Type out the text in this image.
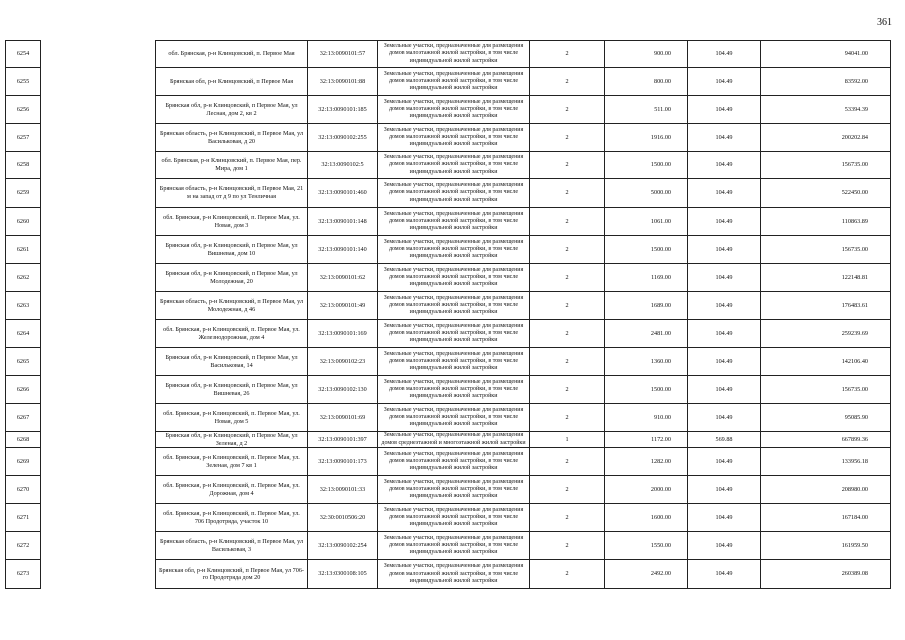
361
6254		обл. Брянская, р-н Клинцовский, п. Первое Мая	32:13:0090101:57	Земельные участки, предназначенные для размещения домов малоэтажной жилой застройки, в том числе индивидуальной жилой застройки	2	900.00	104.49	94041.00
6255		Брянская обл, р-н Клинцовский, п Первое Мая	32:13:0090101:88	Земельные участки, предназначенные для размещения домов малоэтажной жилой застройки, в том числе индивидуальной жилой застройки	2	800.00	104.49	83592.00
6256		Брянская обл, р-н Клинцовский, п Первое Мая, ул Лесная, дом 2, кв 2	32:13:0090101:185	Земельные участки, предназначенные для размещения домов малоэтажной жилой застройки, в том числе индивидуальной жилой застройки	2	511.00	104.49	53394.39
6257		Брянская область, р-н Клинцовский, п Первое Мая, ул Васильковая, д 20	32:13:0090102:255	Земельные участки, предназначенные для размещения домов малоэтажной жилой застройки, в том числе индивидуальной жилой застройки	2	1916.00	104.49	200202.84
6258		обл. Брянская, р-н Клинцовский, п. Первое Мая, пер. Мира, дом 1	32:13:0090102:5	Земельные участки, предназначенные для размещения домов малоэтажной жилой застройки, в том числе индивидуальной жилой застройки	2	1500.00	104.49	156735.00
6259		Брянская область, р-н Клинцовский, п Первое Мая, 21 м на запад от д 9 по ул Тенличная	32:13:0090101:460	Земельные участки, предназначенные для размещения домов малоэтажной жилой застройки, в том числе индивидуальной жилой застройки	2	5000.00	104.49	522450.00
6260		обл. Брянская, р-н Клинцовский, п. Первое Мая, ул. Новая, дом 3	32:13:0090101:148	Земельные участки, предназначенные для размещения домов малоэтажной жилой застройки, в том числе индивидуальной жилой застройки	2	1061.00	104.49	110863.89
6261		Брянская обл, р-н Клинцовский, п Первое Мая, ул Вишневая, дом 10	32:13:0090101:140	Земельные участки, предназначенные для размещения домов малоэтажной жилой застройки, в том числе индивидуальной жилой застройки	2	1500.00	104.49	156735.00
6262		Брянская обл, р-н Клинцовский, п Первое Мая, ул Молодежная, 20	32:13:0090101:62	Земельные участки, предназначенные для размещения домов малоэтажной жилой застройки, в том числе индивидуальной жилой застройки	2	1169.00	104.49	122148.81
6263		Брянская область, р-н Клинцовский, п Первое Мая, ул Молодежная, д 46	32:13:0090101:49	Земельные участки, предназначенные для размещения домов малоэтажной жилой застройки, в том числе индивидуальной жилой застройки	2	1689.00	104.49	176483.61
6264		обл. Брянская, р-н Клинцовский, п. Первое Мая, ул. Железнодорожная, дом 4	32:13:0090101:169	Земельные участки, предназначенные для размещения домов малоэтажной жилой застройки, в том числе индивидуальной жилой застройки	2	2481.00	104.49	259239.69
6265		Брянская обл, р-н Клинцовский, п Первое Мая, ул Васильковая, 14	32:13:0090102:23	Земельные участки, предназначенные для размещения домов малоэтажной жилой застройки, в том числе индивидуальной жилой застройки	2	1360.00	104.49	142106.40
6266		Брянская обл, р-н Клинцовский, п Первое Мая, ул Вишневая, 26	32:13:0090102:130	Земельные участки, предназначенные для размещения домов малоэтажной жилой застройки, в том числе индивидуальной жилой застройки	2	1500.00	104.49	156735.00
6267		обл. Брянская, р-н Клинцовский, п. Первое Мая, ул. Новая, дом 5	32:13:0090101:69	Земельные участки, предназначенные для размещения домов малоэтажной жилой застройки, в том числе индивидуальной жилой застройки	2	910.00	104.49	95085.90
6268		Брянская обл, р-н Клинцовский, п Первое Мая, ул Зеленая, д 2	32:13:0090101:397	Земельные участки, предназначенные для размещения домов среднеэтажной и многоэтажной жилой застройки	1	1172.00	569.88	667899.36
6269		обл. Брянская, р-н Клинцовский, п. Первое Мая, ул. Зеленая, дом 7 кв 1	32:13:0090101:173	Земельные участки, предназначенные для размещения домов малоэтажной жилой застройки, в том числе индивидуальной жилой застройки	2	1282.00	104.49	133956.18
6270		обл. Брянская, р-н Клинцовский, п. Первое Мая, ул. Дорожная, дом 4	32:13:0090101:33	Земельные участки, предназначенные для размещения домов малоэтажной жилой застройки, в том числе индивидуальной жилой застройки	2	2000.00	104.49	208980.00
6271		обл. Брянская, р-н Клинцовский, п. Первое Мая, ул. 706 Продотряда, участок 10	32:30:0010506:20	Земельные участки, предназначенные для размещения домов малоэтажной жилой застройки, в том числе индивидуальной жилой застройки	2	1600.00	104.49	167184.00
6272		Брянская область, р-н Клинцовский, п Первое Мая, ул Васильковая, 3	32:13:0090102:254	Земельные участки, предназначенные для размещения домов малоэтажной жилой застройки, в том числе индивидуальной жилой застройки	2	1550.00	104.49	161959.50
6273		Брянская обл, р-н Клинцовский, п Первое Мая, ул 706-го Продотряда дом 20	32:13:0300108:105	Земельные участки, предназначенные для размещения домов малоэтажной жилой застройки, в том числе индивидуальной жилой застройки	2	2492.00	104.49	260389.08
